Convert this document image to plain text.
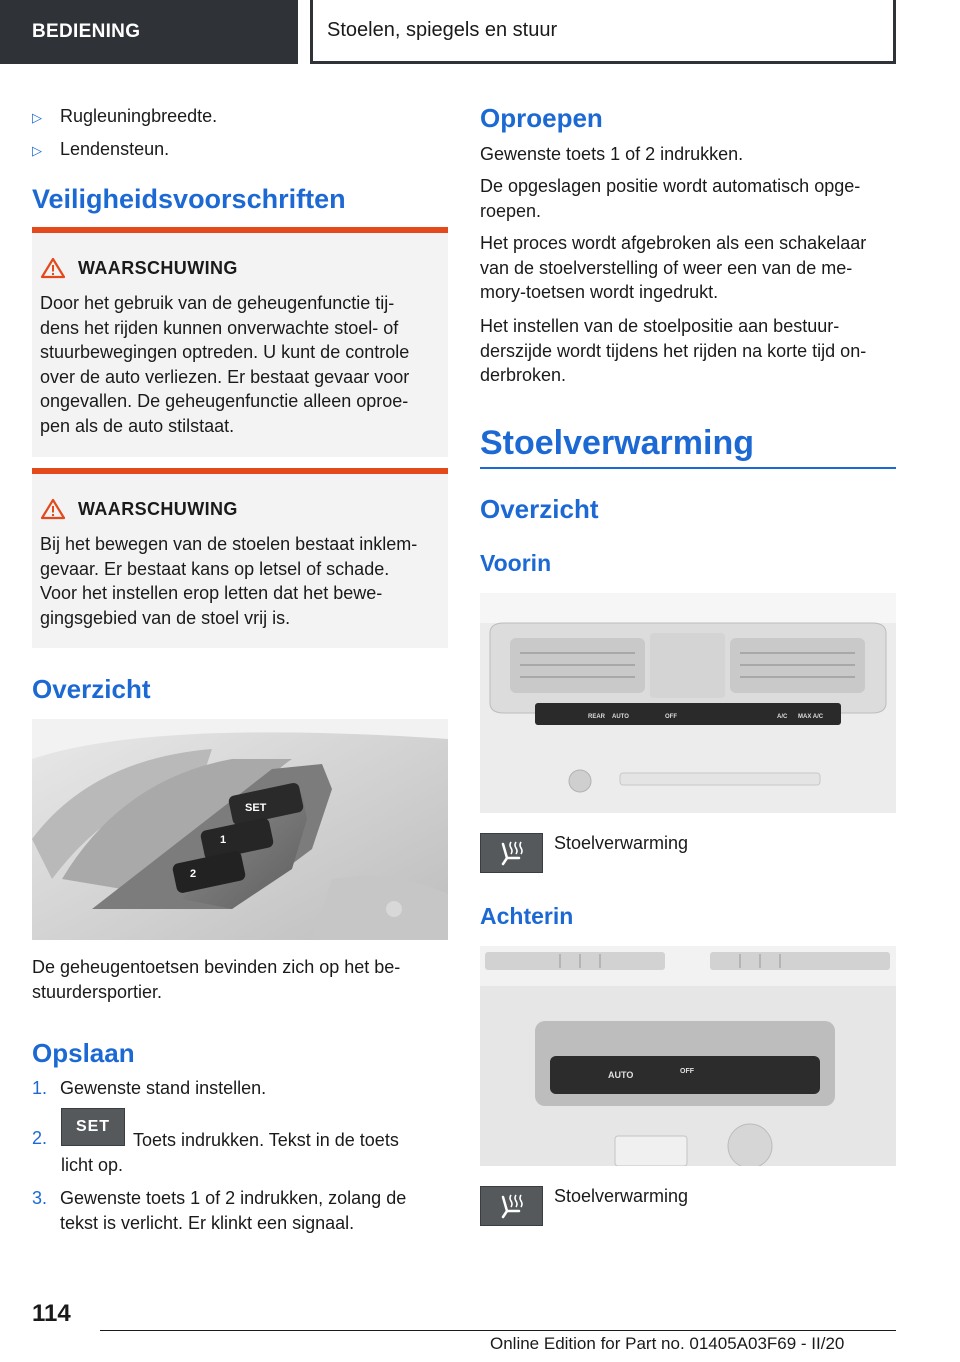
BEDIENING	Stoelen, spiegels en stuur
▷	Rugleuningbreedte.
▷	Lendensteun.
Veiligheidsvoorschriften
WAARSCHUWING
Door het gebruik van de geheugenfunctie tij-
dens het rijden kunnen onverwachte stoel- of
stuurbewegingen optreden. U kunt de controle
over de auto verliezen. Er bestaat gevaar voor
ongevallen. De geheugenfunctie alleen oproe-
pen als de auto stilstaat.
WAARSCHUWING
Bij het bewegen van de stoelen bestaat inklem-
gevaar. Er bestaat kans op letsel of schade.
Voor het instellen erop letten dat het bewe-
gingsgebied van de stoel vrij is.
Overzicht
SET
1
2
De geheugentoetsen bevinden zich op het be-
stuurdersportier.
Opslaan
1. Gewenste stand instellen.
2.
SET
Toets indrukken. Tekst in de toets
licht op.
3. Gewenste toets 1 of 2 indrukken, zolang de
tekst is verlicht. Er klinkt een signaal.
Oproepen
Gewenste toets 1 of 2 indrukken.
De opgeslagen positie wordt automatisch opge-
roepen.
Het proces wordt afgebroken als een schakelaar
van de stoelverstelling of weer een van de me-
mory-toetsen wordt ingedrukt.
Het instellen van de stoelpositie aan bestuur-
derszijde wordt tijdens het rijden na korte tijd on-
derbroken.
Stoelverwarming
Overzicht
Voorin
REAR AUTO	OFF	A/C MAX A/C
Stoelverwarming
Achterin
AUTO	OFF
Stoelverwarming
114
Online Edition for Part no. 01405A03F69 - II/20
